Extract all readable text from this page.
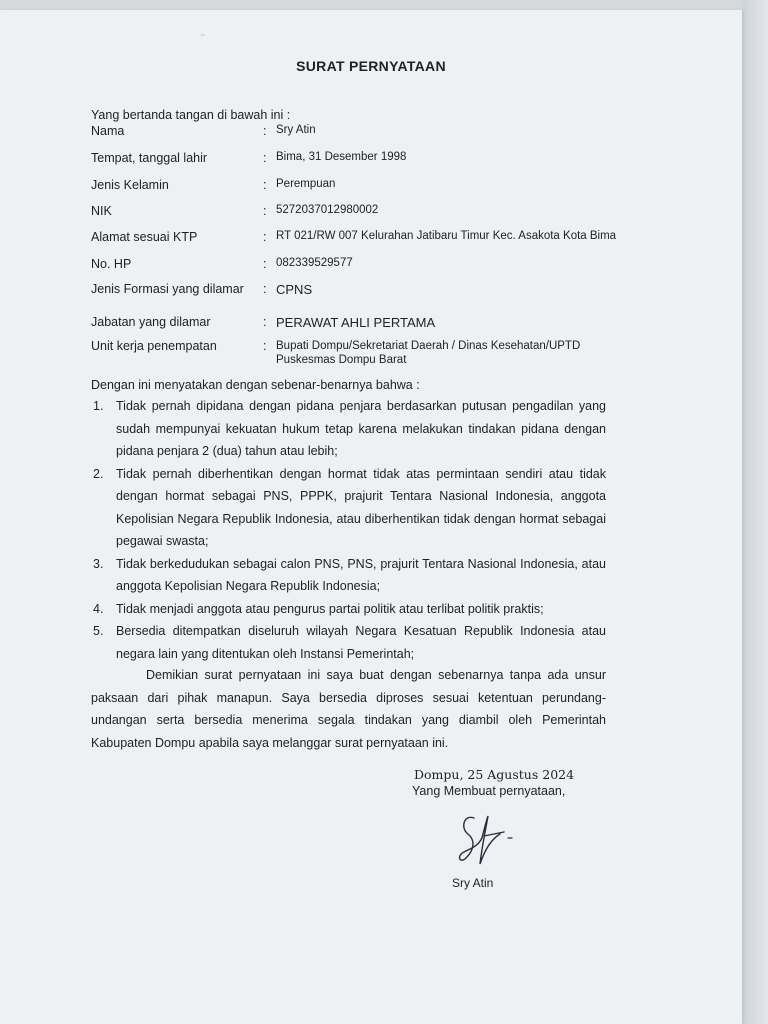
⁻
SURAT PERNYATAAN

Yang bertanda tangan di bawah ini :

Nama	: Sry Atin
Tempat, tanggal lahir	: Bima, 31 Desember 1998
Jenis Kelamin	: Perempuan
NIK	: 5272037012980002
Alamat sesuai KTP	: RT 021/RW 007 Kelurahan Jatibaru Timur Kec. Asakota Kota Bima
No. HP	: 082339529577
Jenis Formasi yang dilamar : CPNS
Jabatan yang dilamar	: PERAWAT AHLI PERTAMA
Unit kerja penempatan	: Bupati Dompu/Sekretariat Daerah / Dinas Kesehatan/UPTD Puskesmas Dompu Barat

Dengan ini menyatakan dengan sebenar-benarnya bahwa :

1. Tidak pernah dipidana dengan pidana penjara berdasarkan putusan pengadilan yang sudah mempunyai kekuatan hukum tetap karena melakukan tindakan pidana dengan pidana penjara 2 (dua) tahun atau lebih;
2. Tidak pernah diberhentikan dengan hormat tidak atas permintaan sendiri atau tidak dengan hormat sebagai PNS, PPPK, prajurit Tentara Nasional Indonesia, anggota Kepolisian Negara Republik Indonesia, atau diberhentikan tidak dengan hormat sebagai pegawai swasta;
3. Tidak berkedudukan sebagai calon PNS, PNS, prajurit Tentara Nasional Indonesia, atau anggota Kepolisian Negara Republik Indonesia;
4. Tidak menjadi anggota atau pengurus partai politik atau terlibat politik praktis;
5. Bersedia ditempatkan diseluruh wilayah Negara Kesatuan Republik Indonesia atau negara lain yang ditentukan oleh Instansi Pemerintah;

Demikian surat pernyataan ini saya buat dengan sebenarnya tanpa ada unsur paksaan dari pihak manapun. Saya bersedia diproses sesuai ketentuan perundang-undangan serta bersedia menerima segala tindakan yang diambil oleh Pemerintah Kabupaten Dompu apabila saya melanggar surat pernyataan ini.

Dompu, 25 Agustus 2024

Yang Membuat pernyataan,

Sry Atin
